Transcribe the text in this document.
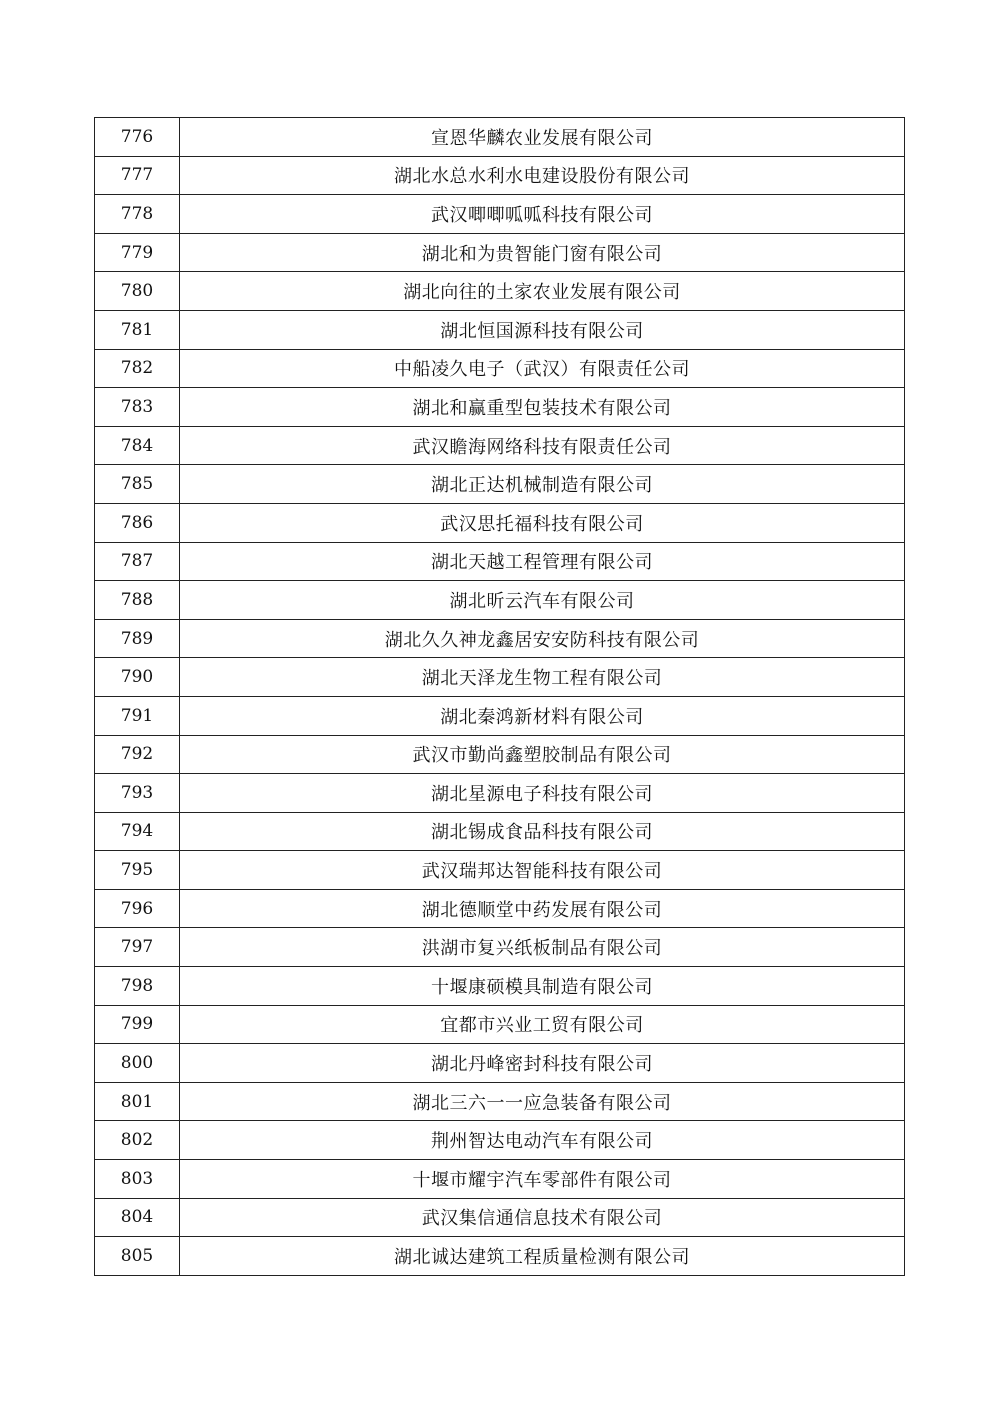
776	宣恩华麟农业发展有限公司
777	湖北水总水利水电建设股份有限公司
778	武汉唧唧呱呱科技有限公司
779	湖北和为贵智能门窗有限公司
780	湖北向往的土家农业发展有限公司
781	湖北恒国源科技有限公司
782	中船凌久电子（武汉）有限责任公司
783	湖北和赢重型包装技术有限公司
784	武汉瞻海网络科技有限责任公司
785	湖北正达机械制造有限公司
786	武汉思托福科技有限公司
787	湖北天越工程管理有限公司
788	湖北昕云汽车有限公司
789	湖北久久神龙鑫居安安防科技有限公司
790	湖北天泽龙生物工程有限公司
791	湖北秦鸿新材料有限公司
792	武汉市勤尚鑫塑胶制品有限公司
793	湖北星源电子科技有限公司
794	湖北锡成食品科技有限公司
795	武汉瑞邦达智能科技有限公司
796	湖北德顺堂中药发展有限公司
797	洪湖市复兴纸板制品有限公司
798	十堰康硕模具制造有限公司
799	宜都市兴业工贸有限公司
800	湖北丹峰密封科技有限公司
801	湖北三六一一应急装备有限公司
802	荆州智达电动汽车有限公司
803	十堰市耀宇汽车零部件有限公司
804	武汉集信通信息技术有限公司
805	湖北诚达建筑工程质量检测有限公司
